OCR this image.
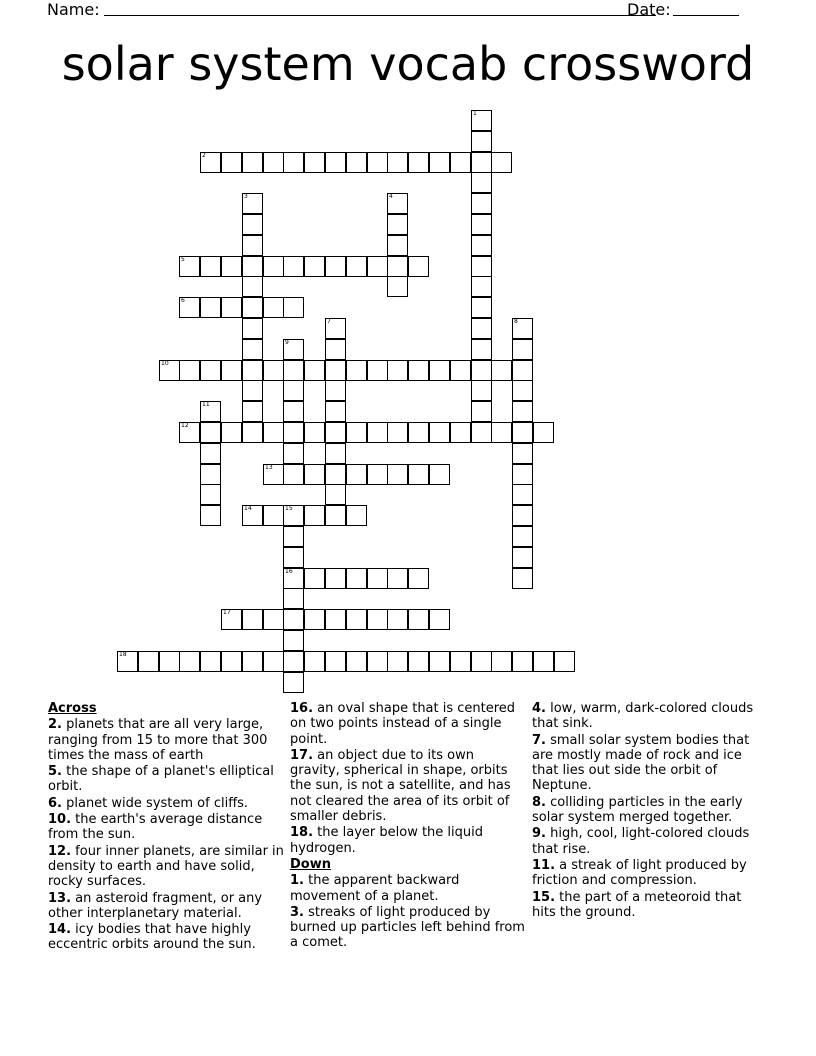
Name:	Date:
solar system vocab crossword
2
5
6
10
12
13
14	15
16
17
18
1
3	4
7	8
9
11
Across
2. planets that are all very large, ranging from 15 to more that 300 times the mass of earth
5. the shape of a planet's elliptical orbit.
6. planet wide system of cliffs.
10. the earth's average distance from the sun.
12. four inner planets, are similar in density to earth and have solid, rocky surfaces.
13. an asteroid fragment, or any other interplanetary material.
14. icy bodies that have highly eccentric orbits around the sun.
16. an oval shape that is centered on two points instead of a single point.
17. an object due to its own gravity, spherical in shape, orbits the sun, is not a satellite, and has not cleared the area of its orbit of smaller debris.
18. the layer below the liquid hydrogen.
Down
1. the apparent backward movement of a planet.
3. streaks of light produced by burned up particles left behind from a comet.
4. low, warm, dark-colored clouds that sink.
7. small solar system bodies that are mostly made of rock and ice that lies out side the orbit of Neptune.
8. colliding particles in the early solar system merged together.
9. high, cool, light-colored clouds that rise.
11. a streak of light produced by friction and compression.
15. the part of a meteoroid that hits the ground.
